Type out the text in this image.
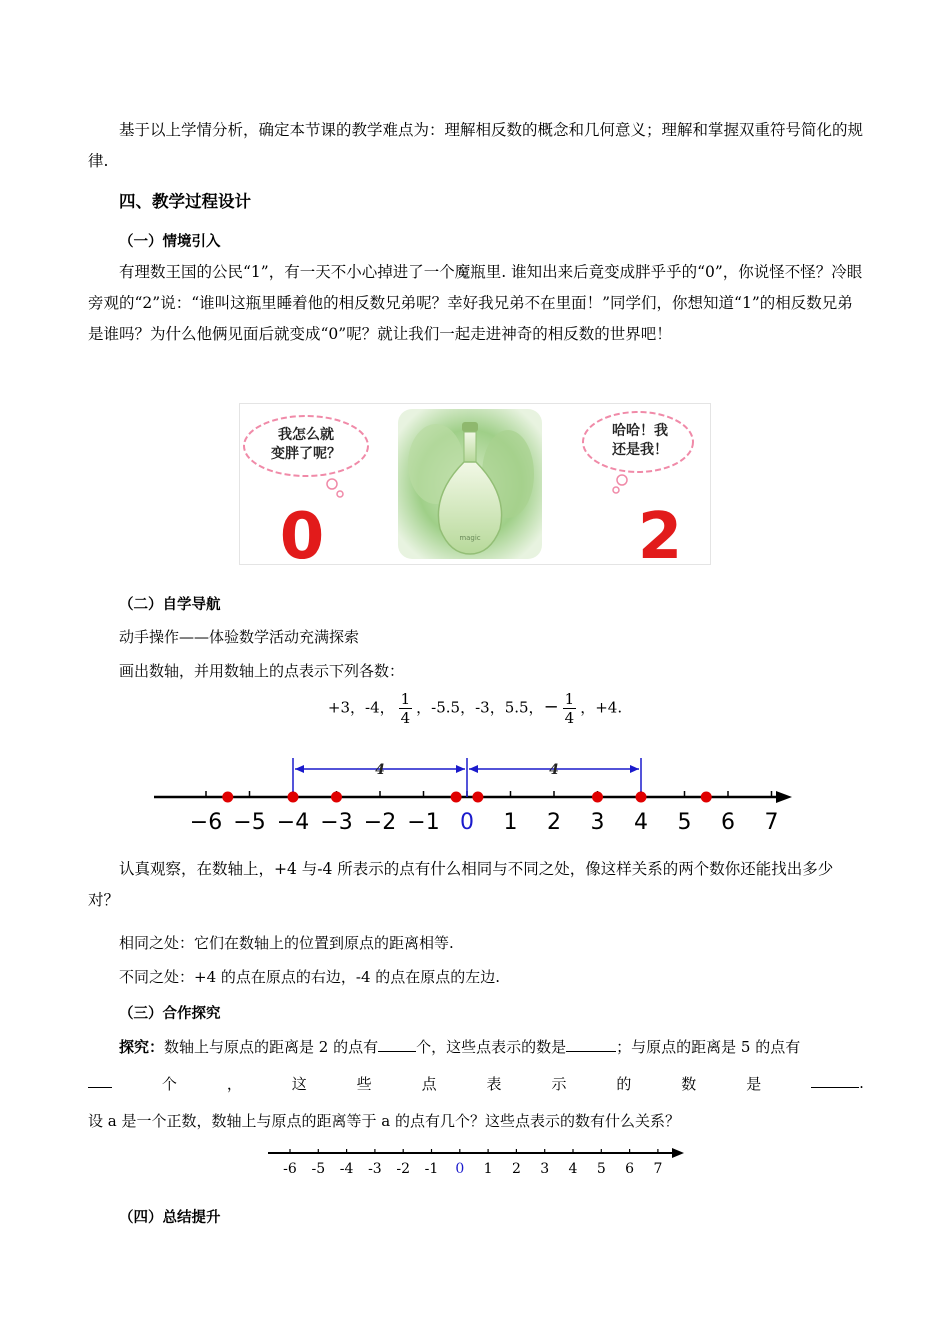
基于以上学情分析，确定本节课的教学难点为：理解相反数的概念和几何意义；理解和掌握双重符号简化的规律.

四、教学过程设计
（一）情境引入

有理数王国的公民“1”，有一天不小心掉进了一个魔瓶里. 谁知出来后竟变成胖乎乎的“0”，你说怪不怪？冷眼旁观的“2”说：“谁叫这瓶里睡着他的相反数兄弟呢？幸好我兄弟不在里面！”同学们，你想知道“1”的相反数兄弟是谁吗？为什么他俩见面后就变成“0”呢？就让我们一起走进神奇的相反数的世界吧！

我怎么就
变胖了呢？
0	magic
哈哈！我
还是我！
2
（二）自学导航

动手操作——体验数学活动充满探索

画出数轴，并用数轴上的点表示下列各数：

+3，-4， $\frac{1}{4}$ ，-5.5，-3，5.5，− $\frac{1}{4}$ ，+4.
−6 −5 −4 −3 −2 −1 0 1 2 3 4 5 6 7
4	4

认真观察，在数轴上，+4 与-4 所表示的点有什么相同与不同之处，像这样关系的两个数你还能找出多少对？

相同之处：它们在数轴上的位置到原点的距离相等.

不同之处：+4 的点在原点的右边，-4 的点在原点的左边.

（三）合作探究

探究：数轴上与原点的距离是 2 的点有	个，这些点表示的数是	；与原点的距离是 5 的点有

个	，	这	些	点	表	示	的	数	是	.

设 a 是一个正数，数轴上与原点的距离等于 a 的点有几个？这些点表示的数有什么关系？

-6 -5 -4 -3 -2 -1 0 1 2 3 4 5 6 7
（四）总结提升
